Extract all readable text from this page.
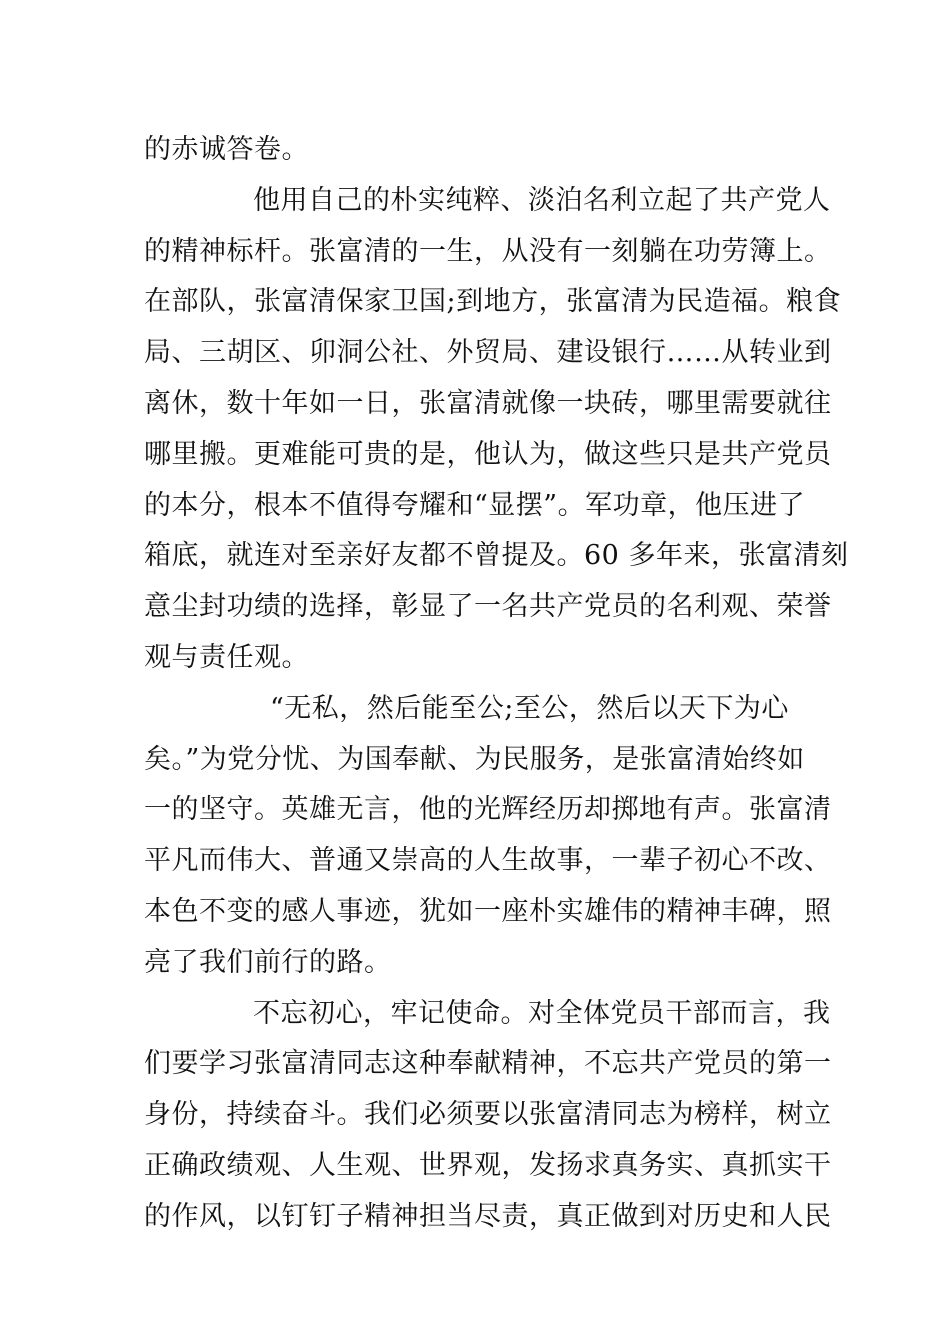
的赤诚答卷。
他用自己的朴实纯粹、淡泊名利立起了共产党人
的精神标杆。张富清的一生，从没有一刻躺在功劳簿上。
在部队，张富清保家卫国;到地方，张富清为民造福。粮食
局、三胡区、卯洞公社、外贸局、建设银行……从转业到
离休，数十年如一日，张富清就像一块砖，哪里需要就往
哪里搬。更难能可贵的是，他认为，做这些只是共产党员
的本分，根本不值得夸耀和“显摆”。军功章，他压进了
箱底，就连对至亲好友都不曾提及。60 多年来，张富清刻
意尘封功绩的选择，彰显了一名共产党员的名利观、荣誉
观与责任观。
“无私，然后能至公;至公，然后以天下为心
矣。”为党分忧、为国奉献、为民服务，是张富清始终如
一的坚守。英雄无言，他的光辉经历却掷地有声。张富清
平凡而伟大、普通又崇高的人生故事，一辈子初心不改、
本色不变的感人事迹，犹如一座朴实雄伟的精神丰碑，照
亮了我们前行的路。
不忘初心，牢记使命。对全体党员干部而言，我
们要学习张富清同志这种奉献精神，不忘共产党员的第一
身份，持续奋斗。我们必须要以张富清同志为榜样，树立
正确政绩观、人生观、世界观，发扬求真务实、真抓实干
的作风，以钉钉子精神担当尽责，真正做到对历史和人民
